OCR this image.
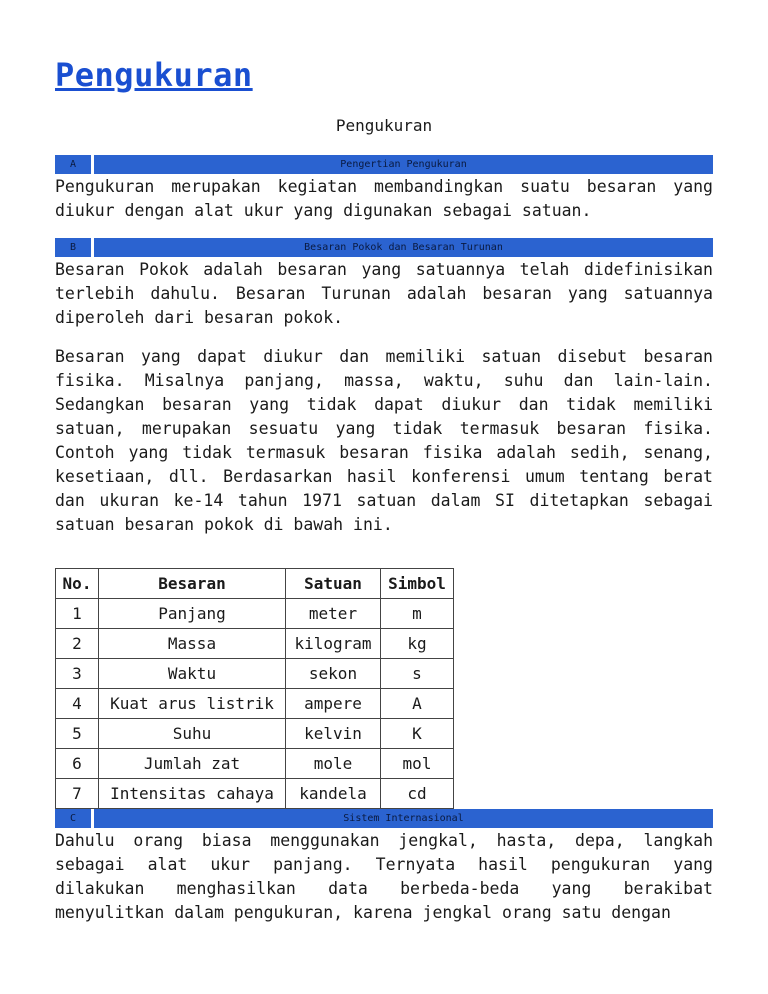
Pengukuran
Pengukuran
A	Pengertian Pengukuran

Pengukuran merupakan kegiatan membandingkan suatu besaran yang diukur dengan alat ukur yang digunakan sebagai satuan.

B	Besaran Pokok dan Besaran Turunan

Besaran Pokok adalah besaran yang satuannya telah didefinisikan terlebih dahulu. Besaran Turunan adalah besaran yang satuannya diperoleh dari besaran pokok.

Besaran yang dapat diukur dan memiliki satuan disebut besaran fisika. Misalnya panjang, massa, waktu, suhu dan lain-lain. Sedangkan besaran yang tidak dapat diukur dan tidak memiliki satuan, merupakan sesuatu yang tidak termasuk besaran fisika. Contoh yang tidak termasuk besaran fisika adalah sedih, senang, kesetiaan, dll. Berdasarkan hasil konferensi umum tentang berat dan ukuran ke-14 tahun 1971 satuan dalam SI ditetapkan sebagai satuan besaran pokok di bawah ini.

No.	Besaran	Satuan	Simbol
1	Panjang	meter	m
2	Massa	kilogram	kg
3	Waktu	sekon	s
4	Kuat arus listrik	ampere	A
5	Suhu	kelvin	K
6	Jumlah zat	mole	mol
7	Intensitas cahaya	kandela	cd
C	Sistem Internasional

Dahulu orang biasa menggunakan jengkal, hasta, depa, langkah sebagai alat ukur panjang. Ternyata hasil pengukuran yang dilakukan menghasilkan data berbeda-beda yang berakibat menyulitkan dalam pengukuran, karena jengkal orang satu dengan
